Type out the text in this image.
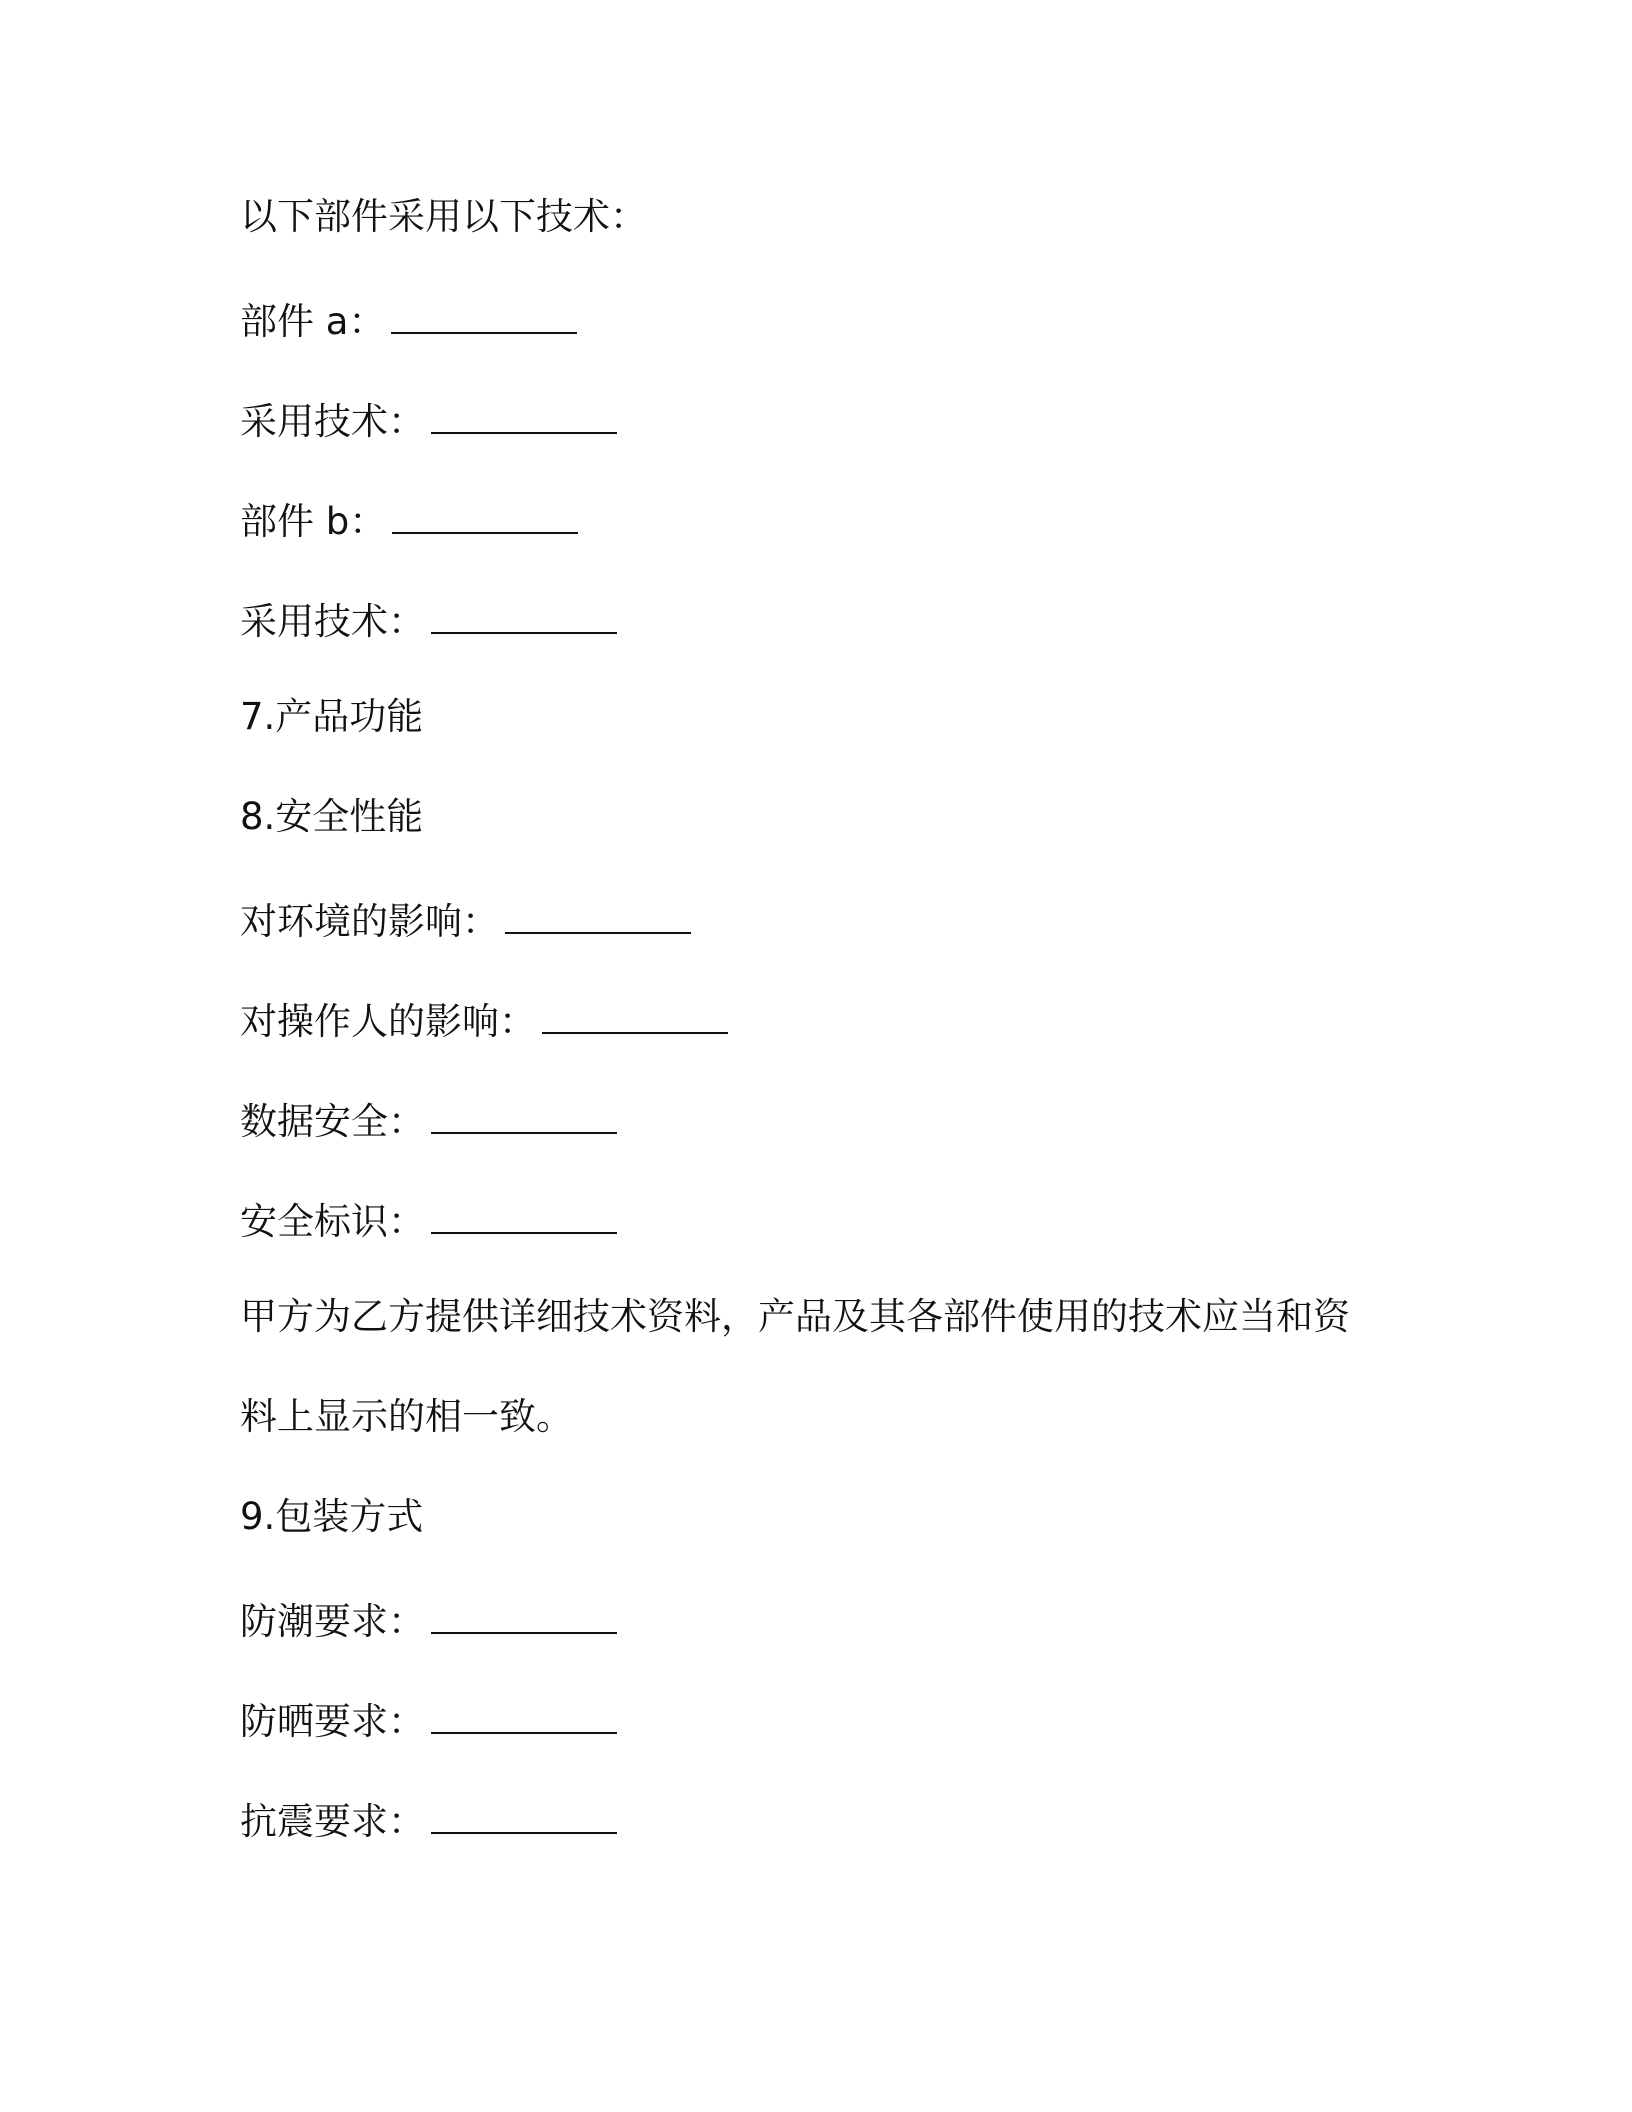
以下部件采用以下技术：
部件 a：
采用技术：
部件 b：
采用技术：
7.产品功能
8.安全性能
对环境的影响：
对操作人的影响：
数据安全：
安全标识：
甲方为乙方提供详细技术资料，产品及其各部件使用的技术应当和资
料上显示的相一致。
9.包装方式
防潮要求：
防晒要求：
抗震要求：
